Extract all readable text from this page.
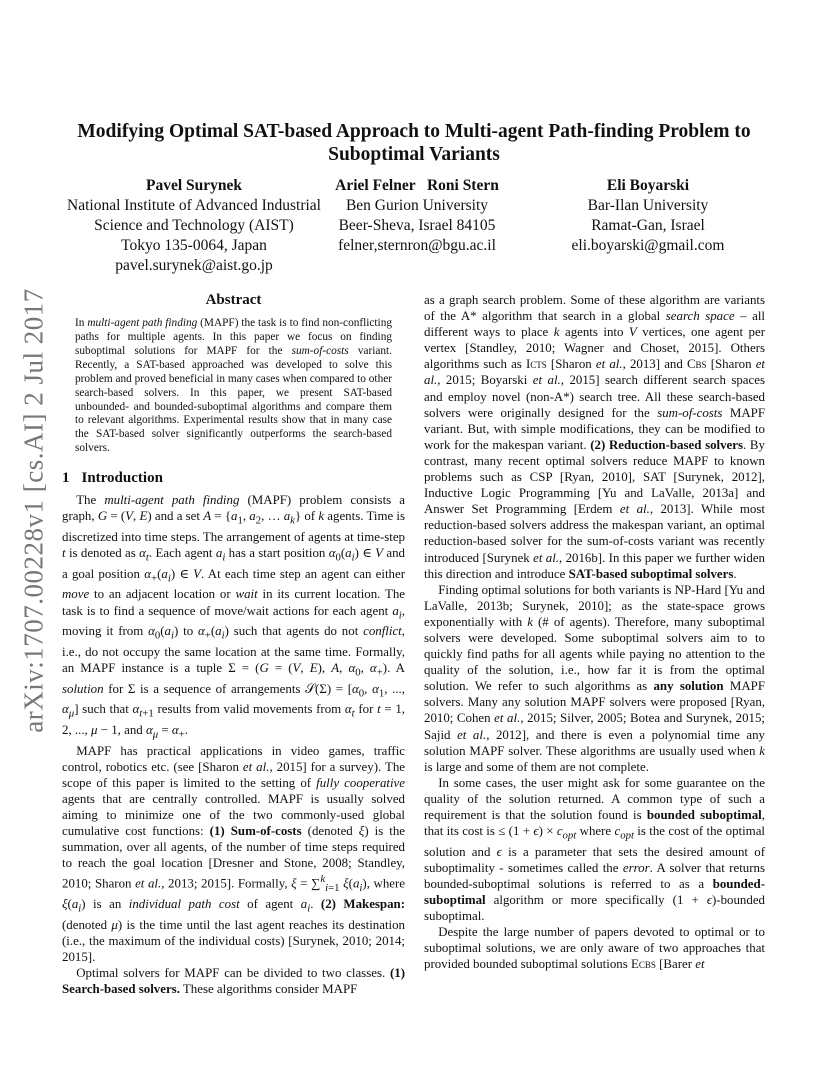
arXiv:1707.00228v1 [cs.AI] 2 Jul 2017
Modifying Optimal SAT-based Approach to Multi-agent Path-finding Problem to Suboptimal Variants
Pavel Surynek
National Institute of Advanced Industrial
Science and Technology (AIST)
Tokyo 135-0064, Japan
pavel.surynek@aist.go.jp
Ariel Felner   Roni Stern
Ben Gurion University
Beer-Sheva, Israel 84105
felner,sternron@bgu.ac.il
Eli Boyarski
Bar-Ilan University
Ramat-Gan, Israel
eli.boyarski@gmail.com
Abstract

In multi-agent path finding (MAPF) the task is to find non-conflicting paths for multiple agents. In this paper we focus on finding suboptimal solutions for MAPF for the sum-of-costs variant. Recently, a SAT-based approached was developed to solve this problem and proved beneficial in many cases when compared to other search-based solvers. In this paper, we present SAT-based unbounded- and bounded-suboptimal algorithms and compare them to relevant algorithms. Experimental results show that in many case the SAT-based solver significantly outperforms the search-based solvers.

1 Introduction

The multi-agent path finding (MAPF) problem consists a graph, G = (V, E) and a set $A = \{a_1$, $a_2$, … $a_k$} of k agents. Time is discretized into time steps. The arrangement of agents at time-step t is denoted as $\alpha_t$. Each agent $a_i$ has a start position $\alpha_0(a_i)$ ∈ V and a goal position $\alpha_+(a_i)$ ∈ V. At each time step an agent can either move to an adjacent location or wait in its current location. The task is to find a sequence of move/wait actions for each agent $a_i$, moving it from $\alpha_0(a_i)$ to $\alpha_+(a_i)$ such that agents do not conflict, i.e., do not occupy the same location at the same time. Formally, an MAPF instance is a tuple Σ = (G = (V, E), A, $\alpha_0$, $\alpha_+$). A solution for Σ is a sequence of arrangements 𝒮(Σ) = [$\alpha_0$, $\alpha_1$, ..., $\alpha_\mu$] such that $\alpha_{t+1}$ results from valid movements from $\alpha_t$ for t = 1, 2, ..., μ − 1, and $\alpha_\mu = \alpha_+$.

MAPF has practical applications in video games, traffic control, robotics etc. (see [Sharon et al., 2015] for a survey). The scope of this paper is limited to the setting of fully cooperative agents that are centrally controlled. MAPF is usually solved aiming to minimize one of the two commonly-used global cumulative cost functions: (1) Sum-of-costs (denoted ξ) is the summation, over all agents, of the number of time steps required to reach the goal location [Dresner and Stone, 2008; Standley, 2010; Sharon et al., 2013; 2015]. Formally, ξ = ∑$^k_{i=1}$ $\xi(a_i)$, where $\xi(a_i)$ is an individual path cost of agent $a_i$. (2) Makespan: (denoted μ) is the time until the last agent reaches its destination (i.e., the maximum of the individual costs) [Surynek, 2010; 2014; 2015].

Optimal solvers for MAPF can be divided to two classes. (1) Search-based solvers. These algorithms consider MAPF

as a graph search problem. Some of these algorithm are variants of the A* algorithm that search in a global search space – all different ways to place k agents into V vertices, one agent per vertex [Standley, 2010; Wagner and Choset, 2015]. Others algorithms such as Icts [Sharon et al., 2013] and Cbs [Sharon et al., 2015; Boyarski et al., 2015] search different search spaces and employ novel (non-A*) search tree. All these search-based solvers were originally designed for the sum-of-costs MAPF variant. But, with simple modifications, they can be modified to work for the makespan variant. (2) Reduction-based solvers. By contrast, many recent optimal solvers reduce MAPF to known problems such as CSP [Ryan, 2010], SAT [Surynek, 2012], Inductive Logic Programming [Yu and LaValle, 2013a] and Answer Set Programming [Erdem et al., 2013]. While most reduction-based solvers address the makespan variant, an optimal reduction-based solver for the sum-of-costs variant was recently introduced [Surynek et al., 2016b]. In this paper we further widen this direction and introduce SAT-based suboptimal solvers.

Finding optimal solutions for both variants is NP-Hard [Yu and LaValle, 2013b; Surynek, 2010]; as the state-space grows exponentially with k (# of agents). Therefore, many suboptimal solvers were developed. Some suboptimal solvers aim to to quickly find paths for all agents while paying no attention to the quality of the solution, i.e., how far it is from the optimal solution. We refer to such algorithms as any solution MAPF solvers. Many any solution MAPF solvers were proposed [Ryan, 2010; Cohen et al., 2015; Silver, 2005; Botea and Surynek, 2015; Sajid et al., 2012], and there is even a polynomial time any solution MAPF solver. These algorithms are usually used when k is large and some of them are not complete.

In some cases, the user might ask for some guarantee on the quality of the solution returned. A common type of such a requirement is that the solution found is bounded suboptimal, that its cost is ≤ $(1 + \epsilon) \times c_{opt}$ where $c_{opt}$ is the cost of the optimal solution and ϵ is a parameter that sets the desired amount of suboptimality - sometimes called the error. A solver that returns bounded-suboptimal solutions is referred to as a bounded-suboptimal algorithm or more specifically (1 + ϵ)-bounded suboptimal.

Despite the large number of papers devoted to optimal or to suboptimal solutions, we are only aware of two approaches that provided bounded suboptimal solutions Ecbs [Barer et
